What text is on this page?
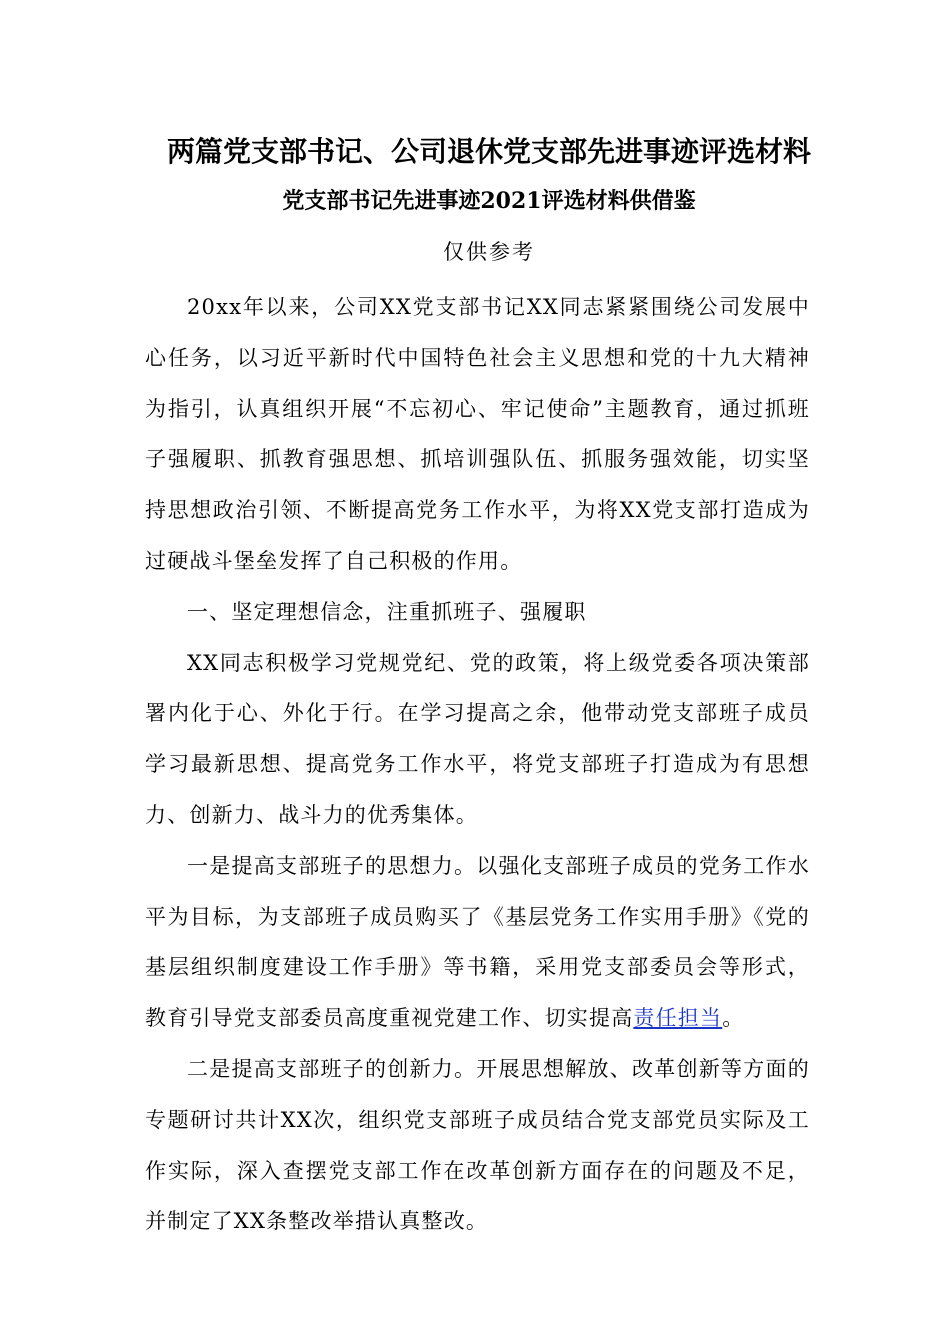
两篇党支部书记、公司退休党支部先进事迹评选材料
党支部书记先进事迹2021评选材料供借鉴
仅供参考

20xx年以来，公司XX党支部书记XX同志紧紧围绕公司发展中心任务，以习近平新时代中国特色社会主义思想和党的十九大精神为指引，认真组织开展“不忘初心、牢记使命”主题教育，通过抓班子强履职、抓教育强思想、抓培训强队伍、抓服务强效能，切实坚持思想政治引领、不断提高党务工作水平，为将XX党支部打造成为过硬战斗堡垒发挥了自己积极的作用。

一、坚定理想信念，注重抓班子、强履职

XX同志积极学习党规党纪、党的政策，将上级党委各项决策部署内化于心、外化于行。在学习提高之余，他带动党支部班子成员学习最新思想、提高党务工作水平，将党支部班子打造成为有思想力、创新力、战斗力的优秀集体。

一是提高支部班子的思想力。以强化支部班子成员的党务工作水平为目标，为支部班子成员购买了《基层党务工作实用手册》《党的基层组织制度建设工作手册》等书籍，采用党支部委员会等形式，教育引导党支部委员高度重视党建工作、切实提高责任担当。

二是提高支部班子的创新力。开展思想解放、改革创新等方面的专题研讨共计XX次，组织党支部班子成员结合党支部党员实际及工作实际，深入查摆党支部工作在改革创新方面存在的问题及不足，并制定了XX条整改举措认真整改。
